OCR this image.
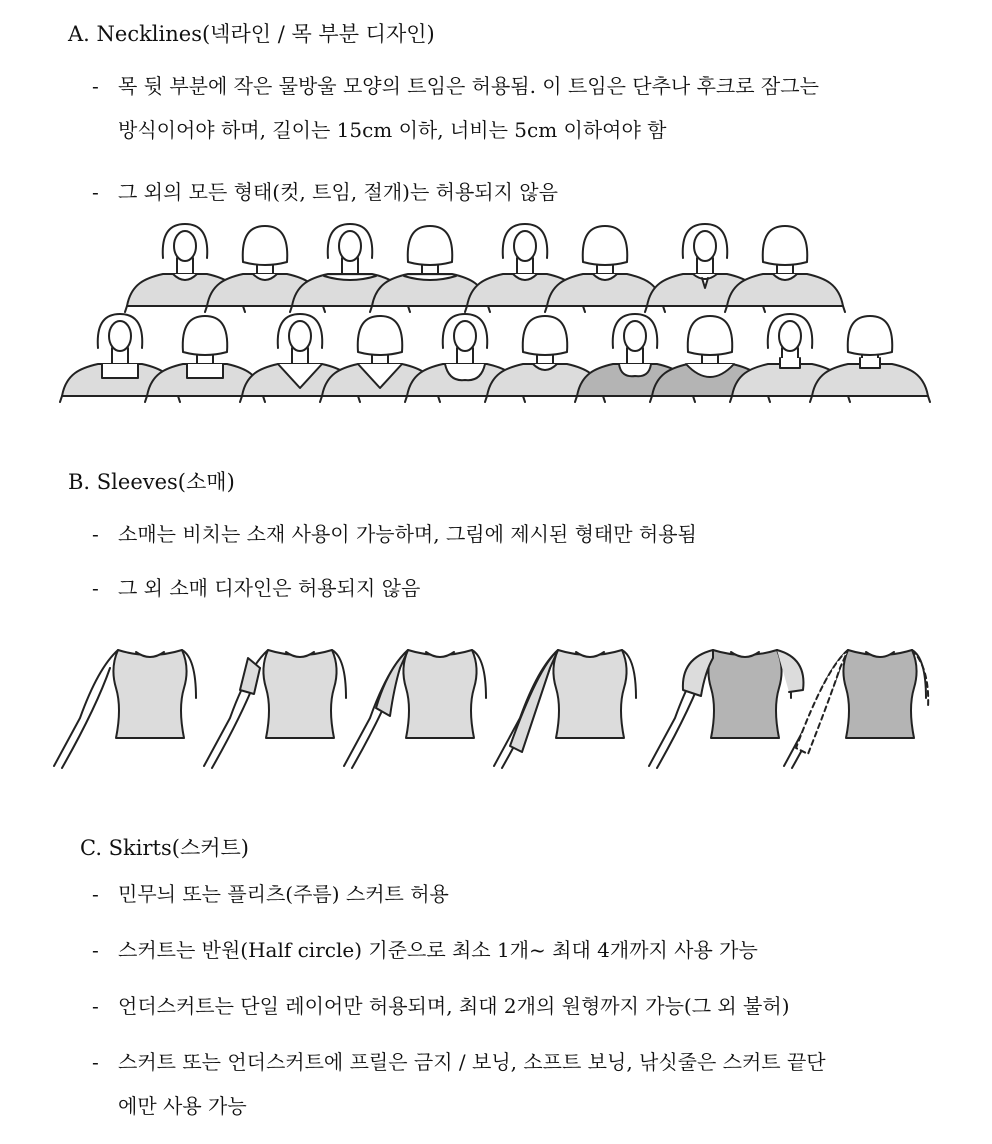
A. Necklines(넥라인 / 목 부분 디자인)
- 목 뒷 부분에 작은 물방울 모양의 트임은 허용됨. 이 트임은 단추나 후크로 잠그는
방식이어야 하며, 길이는 15cm 이하, 너비는 5cm 이하여야 함
- 그 외의 모든 형태(컷, 트임, 절개)는 허용되지 않음
B. Sleeves(소매)
- 소매는 비치는 소재 사용이 가능하며, 그림에 제시된 형태만 허용됨
- 그 외 소매 디자인은 허용되지 않음
C. Skirts(스커트)
- 민무늬 또는 플리츠(주름) 스커트 허용
- 스커트는 반원(Half circle) 기준으로 최소 1개~ 최대 4개까지 사용 가능
- 언더스커트는 단일 레이어만 허용되며, 최대 2개의 원형까지 가능(그 외 불허)
- 스커트 또는 언더스커트에 프릴은 금지 / 보닝, 소프트 보닝, 낚싯줄은 스커트 끝단
에만 사용 가능
